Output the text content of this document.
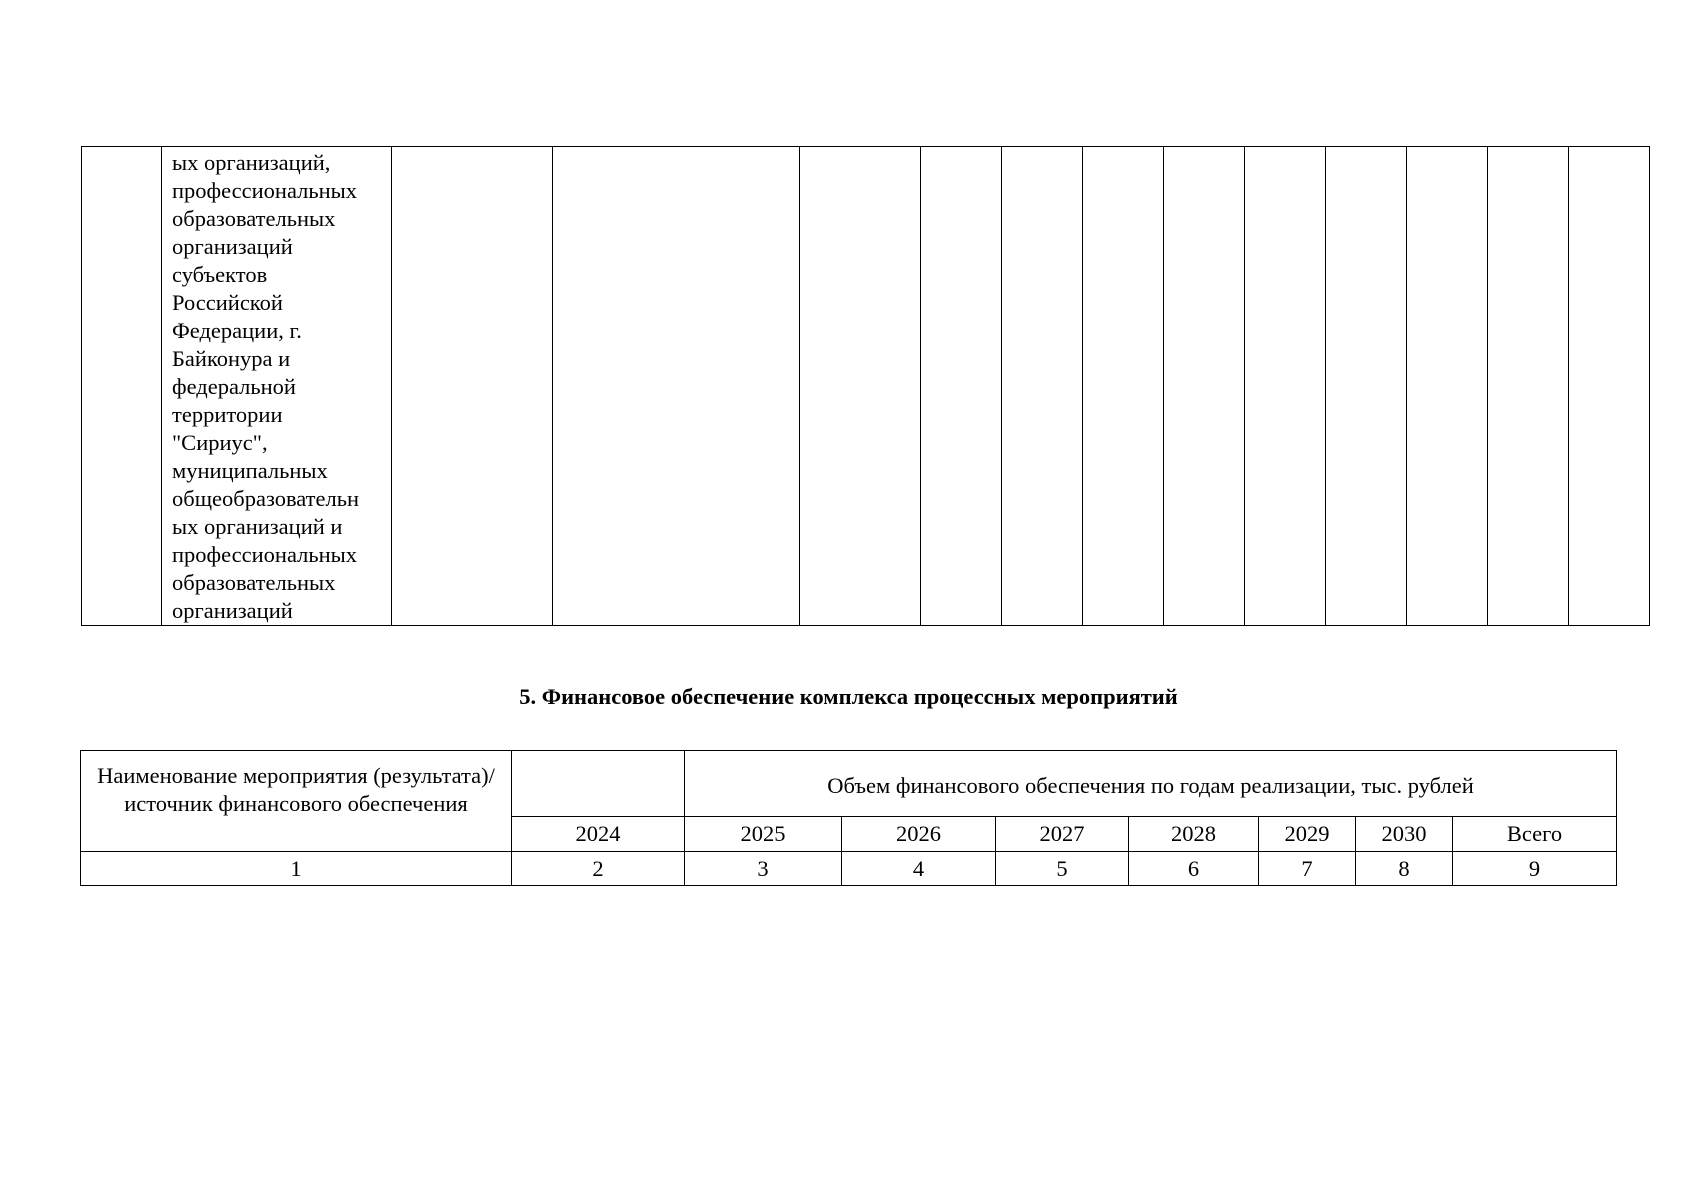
ых организаций,
профессиональных
образовательных
организаций
субъектов
Российской
Федерации, г.
Байконура и
федеральной
территории
"Сириус",
муниципальных
общеобразовательн
ых организаций и
профессиональных
образовательных
организаций

5. Финансовое обеспечение комплекса процессных мероприятий
Наименование мероприятия (результата)/источник финансового обеспечения		Объем финансового обеспечения по годам реализации, тыс. рублей						
	2024	2025	2026	2027	2028	2029	2030	Всего
1	2	3	4	5	6	7	8	9
